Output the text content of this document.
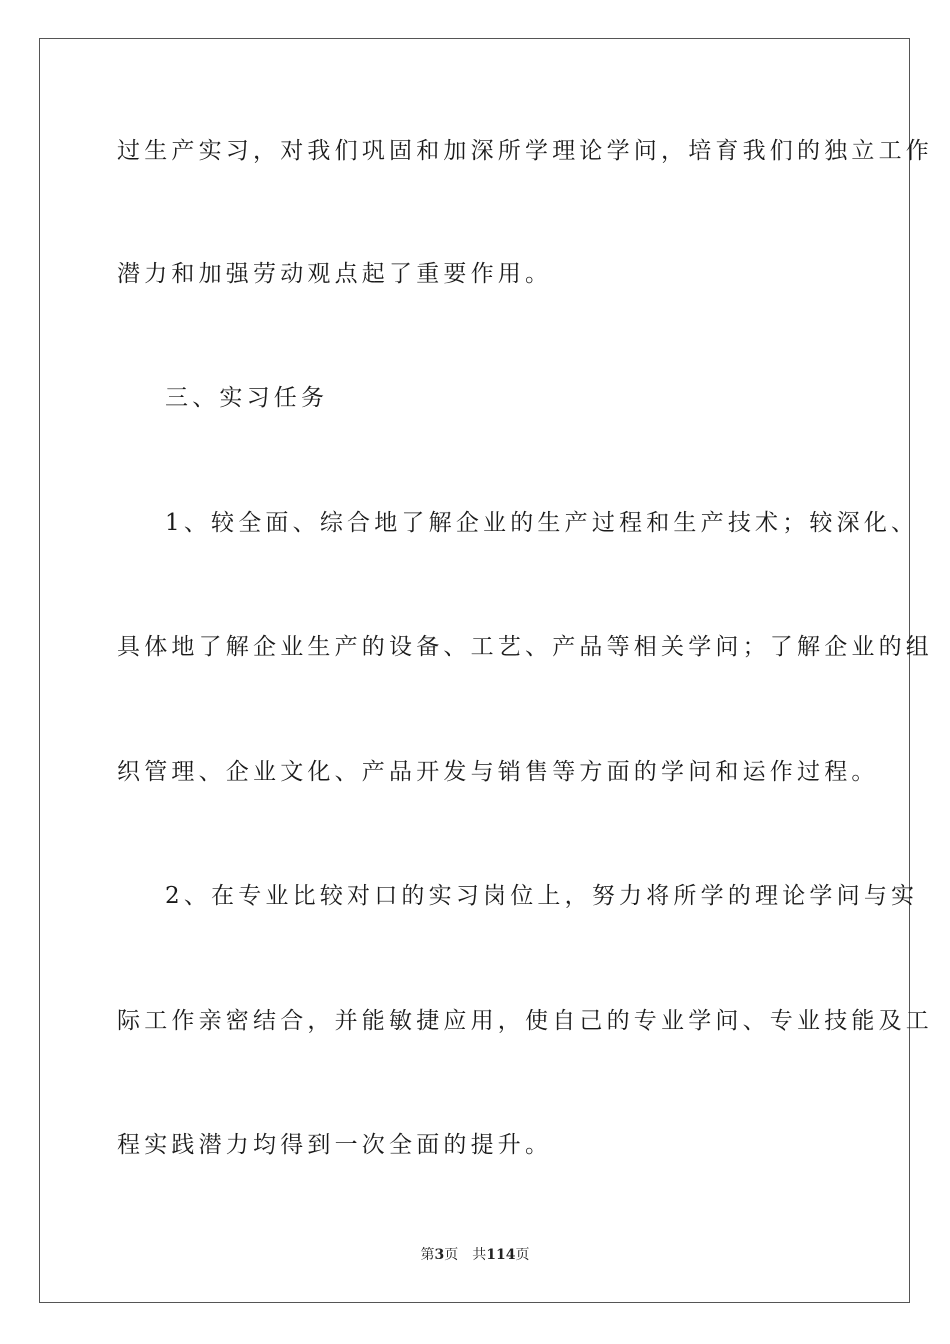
过生产实习，对我们巩固和加深所学理论学问，培育我们的独立工作
潜力和加强劳动观点起了重要作用。
三、实习任务
1、较全面、综合地了解企业的生产过程和生产技术；较深化、
具体地了解企业生产的设备、工艺、产品等相关学问；了解企业的组
织管理、企业文化、产品开发与销售等方面的学问和运作过程。
2、在专业比较对口的实习岗位上，努力将所学的理论学问与实
际工作亲密结合，并能敏捷应用，使自己的专业学问、专业技能及工
程实践潜力均得到一次全面的提升。
第3页 共114页
